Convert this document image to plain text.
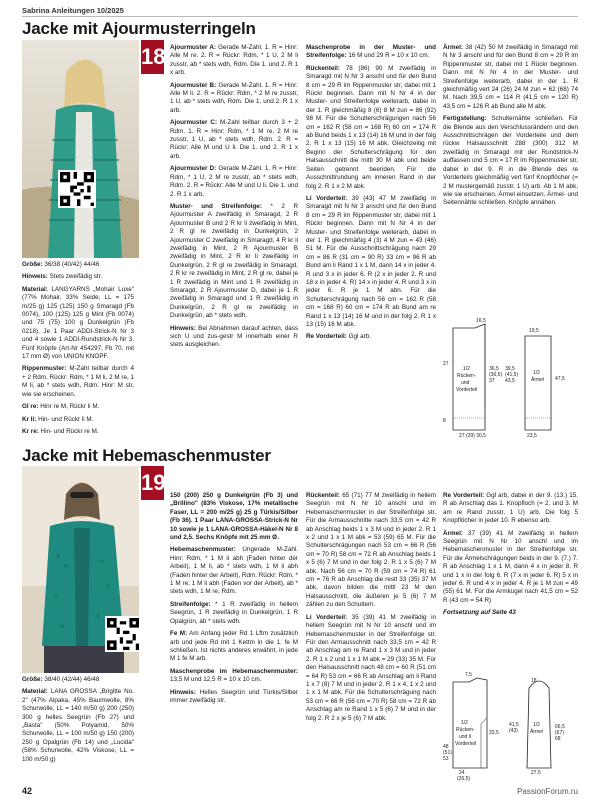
Sabrina Anleitungen 10/2025
Jacke mit Ajourmusterringeln
18

Größe: 36/38 (40/42) 44/46

Hinweis: Stets zweifädig str.

Material: LANGYARNS „Mohair Luxe" (77% Mohair, 33% Seide, LL = 175 m/25 g) 125 (125) 150 g Smaragd (Fb 0074), 100 (125) 125 g Mint (Fb 0074) und 75 (75) 100 g Dunkelgrün (Fb 0218). Je 1 Paar ADDI-Strick-N Nr 3 und 4 sowie 1 ADDI-Rundstrick-N Nr 3. Fünf Knöpfe (Art-Nr 454297, Fb 70, mit 17 mm Ø) von UNION KNOPF.

Rippenmuster: M-Zahl teilbar durch 4 + 2 Rdm. Rückr: Rdm, * 1 M li, 2 M re, 1 M li, ab * stets wdh, Rdm. Hinr: M str, wie sie erscheinen.

Gl re: Hinr re M, Rückr li M.

Kr li: Hin- und Rückr li M.

Kr re: Hin- und Rückr re M.

Ajourmuster A: Gerade M-Zahl. 1. R = Hinr: Alle M re. 2. R = Rückr: Rdm, * 1 U, 2 M li zusstr, ab * stets wdh, Rdm. Die 1. und 2. R 1 x arb.

Ajourmuster B: Gerade M-Zahl. 1. R = Hinr: Alle M li. 2. R = Rückr: Rdm, * 2 M re zusstr, 1 U, ab * stets wdh, Rdm. Die 1. und 2. R 1 x arb.

Ajourmuster C: M-Zahl teilbar durch 3 + 2 Rdm. 1. R = Hinr: Rdm, * 1 M re, 2 M re zusstr, 1 U, ab * stets wdh, Rdm. 2. R = Rückr: Alle M und U li. Die 1. und 2. R 1 x arb.

Ajourmuster D: Gerade M-Zahl. 1. R = Hinr: Rdm, * 1 U, 2 M re zusstr, ab * stets wdh, Rdm. 2. R = Rückr: Alle M und U li. Die 1. und 2. R 1 x arb.

Muster- und Streifenfolge: * 2 R Ajourmuster A zweifädig in Smaragd, 2 R Ajourmuster B und 2 R kr li zweifädig in Mint, 2 R gl re zweifädig in Dunkelgrün, 2 Ajourmuster C zweifädig in Smaragd, 4 R kr li zweifädig in Mint, 2 R Ajourmuster B zweifädig in Mint, 2 R kr li zweifädig in Dunkelgrün, 2 R gl re zweifädig in Smaragd, 2 R kr re zweifädig in Mint, 2 R gl re, dabei je 1 R zweifädig in Mint und 1 R zweifädig in Smaragd, 2 R Ajourmuster D, dabei je 1 R zweifädig in Smaragd und 1 R zweifädig in Dunkelgrün, 2 R gl re zweifädig in Dunkelgrün, ab * stets wdh.

Hinweis: Bei Abnahmen darauf achten, dass sich U und zus-gestr M innerhalb einer R stets ausgleichen.

Maschenprobe in der Muster- und Streifenfolge: 16 M und 29 R = 10 x 10 cm.

Rückenteil: 78 (86) 90 M zweifädig in Smaragd mit N Nr 3 anschl und für den Bund 8 cm = 29 R im Rippenmuster str, dabei mit 1 Rückr beginnen. Dann mit N Nr 4 in der Muster- und Streifenfolge weiterarb, dabei in der 1. R gleichmäßig 8 (6) 8 M zun = 86 (92) 98 M. Für die Schulterschrägungen nach 56 cm = 162 R (58 cm = 168 R) 60 cm = 174 R ab Bund beids 1 x 13 (14) 16 M und in der folg 2. R 1 x 13 (15) 16 M abk. Gleichzeitig mit Beginn der Schulterschrägung für den Halsausschnitt die mittl 30 M abk und beide Seiten getrennt beenden. Für die Ausschnittrundung am inneren Rand in der folg 2. R 1 x 2 M abk.

Li Vorderteil: 39 (43) 47 M zweifädig in Smaragd mit N Nr 3 anschl und für den Bund 8 cm = 29 R im Rippenmuster str, dabei mit 1 Rückr beginnen. Dann mit N Nr 4 in der Muster- und Streifenfolge weiterarb, dabei in der 1. R gleichmäßig 4 (3) 4 M zun = 43 (46) 51 M. Für die Ausschnittschrägung nach 29 cm = 86 R (31 cm = 90 R) 33 cm = 96 R ab Bund am li Rand 1 x 1 M, dann 14 x in jeder 4. R und 3 x in jeder 6. R (2 x in jeder 2. R und 18 x in jeder 4. R) 14 x in jeder 4. R und 3 x in jeder 6. R je 1 M abn. Für die Schulterschrägung nach 56 cm = 162 R (58 cm = 168 R) 60 cm = 174 R ab Bund am re Rand 1 x 13 (14) 16 M und in der folg 2. R 1 x 13 (15) 16 M abk.

Re Vorderteil: Ggl arb.

Ärmel: 38 (42) 50 M zweifädig in Smaragd mit N Nr 3 anschl und für den Bund 8 cm = 29 R im Rippenmuster str, dabei mit 1 Rückr beginnen. Dann mit N Nr 4 in der Muster- und Streifenfolge weiterarb, dabei in der 1. R gleichmäßig vert 24 (26) 24 M zun = 62 (68) 74 M. Nach 39,5 cm = 114 R (41,5 cm = 120 R) 43,5 cm = 126 R ab Bund alle M abk.

Fertigstellung: Schulternähte schließen. Für die Blende aus den Verschlussrändern und den Ausschnittschrägen der Vorderteile und dem rückw Halsausschnitt 288 (300) 312 M zweifädig in Smaragd mit der Rundstrick-N auffassen und 5 cm = 17 R im Rippenmuster str, dabei in der 9. R in die Blende des re Vorderteils gleichmäßig vert fünf Knopflöcher (= 2 M mustergemäß zusstr, 1 U) arb. Ab 1 M abk, wie sie erscheinen. Ärmel einsetzen. Ärmel- und Seitennähte schließen. Knöpfe annähen.

1/2
Rücken-
und
Vorderteil
27
8
36,5
(36,5)
37
27 (29) 30,5
16,5
1/2
Ärmel
39,5
(41,5)
43,5	47,5
19,5
23,5
Jacke mit Hebemaschenmuster
19

Größe: 38/40 (42/44) 46/48

Material: LANA GROSSA „Brigitte No. 2" (47% Alpaka, 45% Baumwolle, 8% Schurwolle, LL = 140 m/50 g) 200 (250) 300 g helles Seegrün (Fb 27) und „Basta" (50% Polyamid, 50% Schurwolle, LL = 100 m/50 g) 150 (200) 250 g Opalgrün (Fb 14) und „Lucida" (58% Schurwolle, 42% Viskose, LL = 100 m/50 g)

150 (200) 250 g Dunkelgrün (Fb 3) und „Brillino" (83% Viskose, 17% metallische Faser, LL = 200 m/25 g) 25 g Türkis/Silber (Fb 36). 1 Paar LANA-GROSSA-Strick-N Nr 10 sowie je 1 LANA-GROSSA-Häkel-N Nr 8 und 2,5. Sechs Knöpfe mit 25 mm Ø.

Hebemaschenmuster: Ungerade M-Zahl. Hinr: Rdm, * 1 M li abh (Faden hinter der Arbeit), 1 M li, ab * stets wdh, 1 M li abh (Faden hinter der Arbeit), Rdm. Rückr: Rdm, * 1 M re, 1 M li abh (Faden vor der Arbeit), ab * stets wdh, 1 M re, Rdm.

Streifenfolge: * 1 R zweifädig in hellem Seegrün, 1 R zweifädig in Dunkelgrün, 1 R Opalgrün, ab * stets wdh.

Fe M: Am Anfang jeder Rd 1 Lftm zusätzlich arb und jede Rd mit 1 Kettm in die 1. fe M schließen. Ist nichts anderes erwähnt, in jede M 1 fe M arb.

Maschenprobe im Hebemaschenmuster: 13,5 M und 12,5 R = 10 x 10 cm.

Hinweis: Helles Seegrün und Türkis/Silber immer zweifädig str.

Rückenteil: 65 (71) 77 M zweifädig in hellem Seegrün mit N Nr 10 anschl und im Hebemaschenmuster in der Streifenfolge str. Für die Armausschnitte nach 33,5 cm = 42 R ab Anschlag beids 1 x 3 M und in jeder 2. R 1 x 2 und 1 x 1 M abk = 53 (59) 65 M. Für die Schulterschrägungen nach 53 cm = 66 R (56 cm = 70 R) 58 cm = 72 R ab Anschlag beids 1 x 5 (6) 7 M und in der folg 2. R 1 x 5 (6) 7 M abk. Nach 56 cm = 70 R (59 cm = 74 R) 61 cm = 76 R ab Anschlag die restl 33 (35) 37 M abk, davon bilden die mittl 23 M den Halsausschnitt, die äußeren je 5 (6) 7 M zählen zu den Schultern.

Li Vorderteil: 35 (39) 41 M zweifädig in hellem Seegrün mit N Nr 10 anschl und im Hebemaschenmuster in der Streifenfolge str. Für den Armausschnitt nach 33,5 cm = 42 R ab Anschlag am re Rand 1 x 3 M und in jeder 2. R 1 x 2 und 1 x 1 M abk = 29 (33) 35 M. Für den Halsausschnitt nach 48 cm = 60 R (51 cm = 64 R) 53 cm = 66 R ab Anschlag am li Rand 1 x 7 (8) 7 M und in jeder 2. R 1 x 4, 1 x 2 und 1 x 1 M abk. Für die Schulterschrägung nach 53 cm = 66 R (56 cm = 70 R) 58 cm = 72 R ab Anschlag am re Rand 1 x 5 (6) 7 M und in der folg 2. R 2 x je 5 (6) 7 M abk.

Re Vorderteil: Ggl arb, dabei in der 9. (13.) 15. R ab Anschlag das 1. Knopfloch (= 2. und 3. M am re Rand zusstr, 1 U) arb. Die folg 5 Knopflöcher in jeder 10. R ebenso arb.

Ärmel: 37 (39) 41 M zweifädig in hellem Seegrün mit N Nr 10 anschl und im Hebemaschenmuster in der Streifenfolge str. Für die Ärmelschrägungen beids in der 9. (7.) 7. R ab Anschlag 1 x 1 M, dann 4 x in jeder 8. R und 1 x in der folg 6. R (7 x in jeder 6. R) 5 x in jeder 6. R und 4 x in jeder 4. R je 1 M zun = 49 (55) 61 M. Für die Armkugel nach 41,5 cm = 52 R (43 cm = 54 R)

Fortsetzung auf Seite 43

1/2
Rücken-
und li
Vorderteil
48
(51)
53
33,5
24
(26,5)
7,5
1/2
Ärmel
41,5
(43)
66,5
(67)
68
27,5
18
42	PassionForum.ru
